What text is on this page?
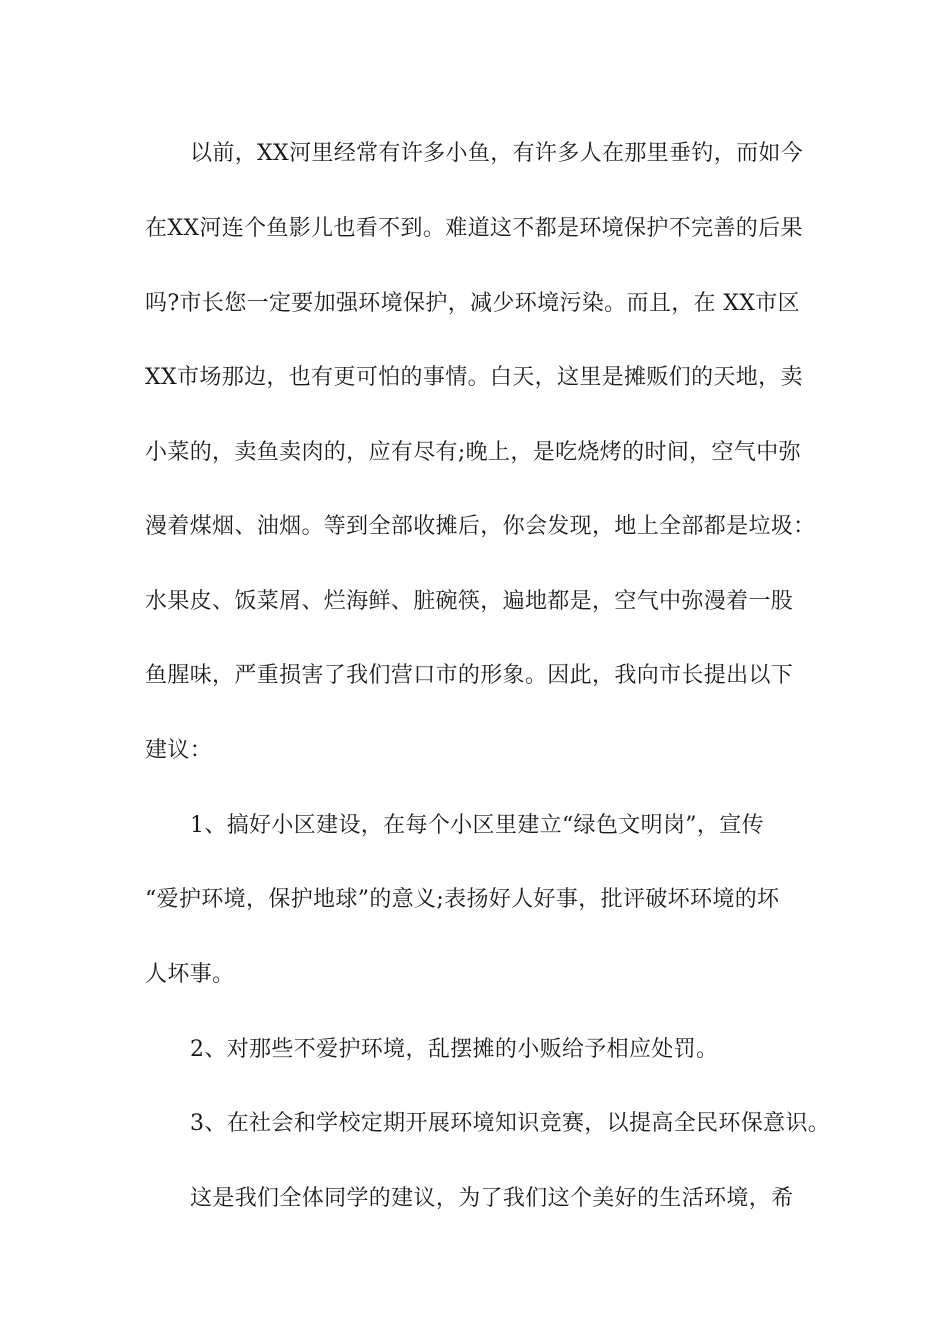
以前，XX河里经常有许多小鱼，有许多人在那里垂钓，而如今

在XX河连个鱼影儿也看不到。难道这不都是环境保护不完善的后果

吗?市长您一定要加强环境保护，减少环境污染。而且，在 XX市区

XX市场那边，也有更可怕的事情。白天，这里是摊贩们的天地，卖

小菜的，卖鱼卖肉的，应有尽有;晚上，是吃烧烤的时间，空气中弥

漫着煤烟、油烟。等到全部收摊后，你会发现，地上全部都是垃圾：

水果皮、饭菜屑、烂海鲜、脏碗筷，遍地都是，空气中弥漫着一股

鱼腥味，严重损害了我们营口市的形象。因此，我向市长提出以下

建议：

1、搞好小区建设，在每个小区里建立“绿色文明岗”，宣传

“爱护环境，保护地球”的意义;表扬好人好事，批评破坏环境的坏

人坏事。

2、对那些不爱护环境，乱摆摊的小贩给予相应处罚。

3、在社会和学校定期开展环境知识竞赛，以提高全民环保意识。

这是我们全体同学的建议，为了我们这个美好的生活环境，希
